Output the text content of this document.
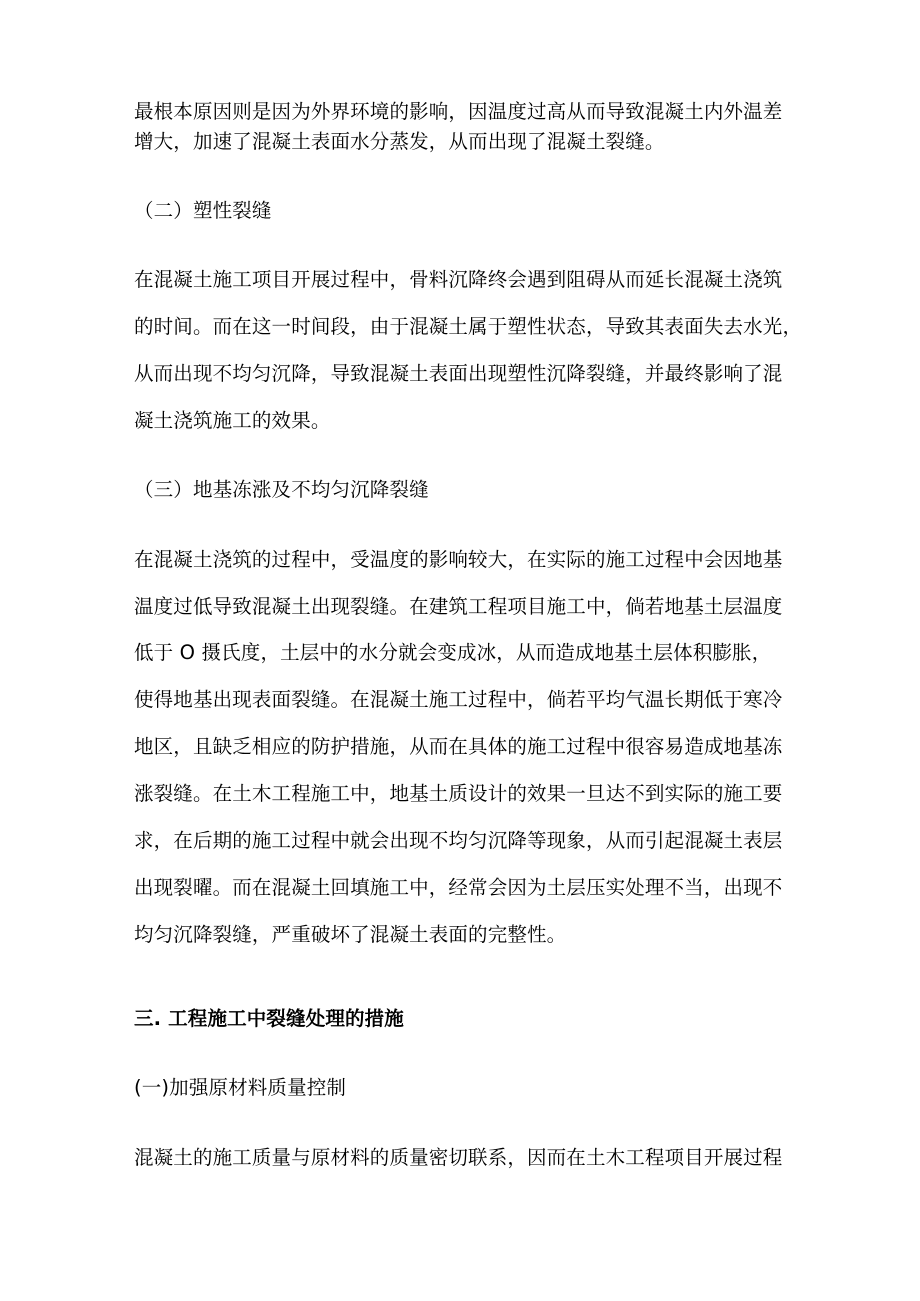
最根本原因则是因为外界环境的影响，因温度过高从而导致混凝土内外温差
增大，加速了混凝土表面水分蒸发，从而出现了混凝土裂缝。
（二）塑性裂缝
在混凝土施工项目开展过程中，骨料沉降终会遇到阻碍从而延长混凝土浇筑
的时间。而在这一时间段，由于混凝土属于塑性状态，导致其表面失去水光，
从而出现不均匀沉降，导致混凝土表面出现塑性沉降裂缝，并最终影响了混
凝土浇筑施工的效果。
（三）地基冻涨及不均匀沉降裂缝
在混凝土浇筑的过程中，受温度的影响较大，在实际的施工过程中会因地基
温度过低导致混凝土出现裂缝。在建筑工程项目施工中，倘若地基土层温度
低于 O 摄氏度，土层中的水分就会变成冰，从而造成地基土层体积膨胀，
使得地基出现表面裂缝。在混凝土施工过程中，倘若平均气温长期低于寒冷
地区，且缺乏相应的防护措施，从而在具体的施工过程中很容易造成地基冻
涨裂缝。在土木工程施工中，地基土质设计的效果一旦达不到实际的施工要
求，在后期的施工过程中就会出现不均匀沉降等现象，从而引起混凝土表层
出现裂曜。而在混凝土回填施工中，经常会因为土层压实处理不当，出现不
均匀沉降裂缝，严重破坏了混凝土表面的完整性。
三. 工程施工中裂缝处理的措施
(一)加强原材料质量控制
混凝土的施工质量与原材料的质量密切联系，因而在土木工程项目开展过程
